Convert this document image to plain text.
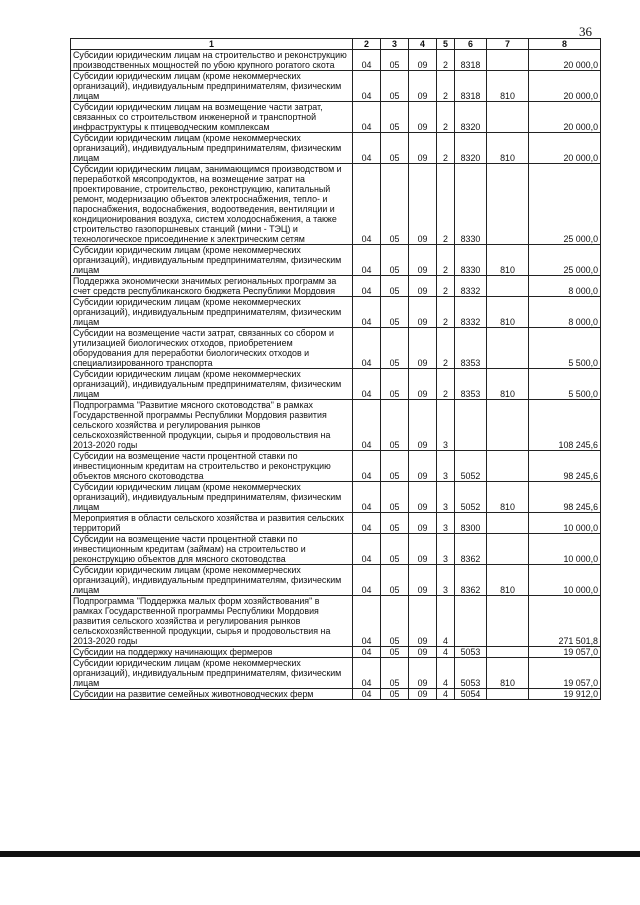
36
1	2	3	4	5	6	7	8
Субсидии юридическим лицам на строительство и реконструкцию производственных мощностей по убою крупного рогатого скота	04	05	09	2	8318		20 000,0
Субсидии юридическим лицам (кроме некоммерческих организаций), индивидуальным предпринимателям, физическим лицам	04	05	09	2	8318	810	20 000,0
Субсидии юридическим лицам на возмещение части затрат, связанных со строительством инженерной и транспортной инфраструктуры к птицеводческим комплексам	04	05	09	2	8320		20 000,0
Субсидии юридическим лицам (кроме некоммерческих организаций), индивидуальным предпринимателям, физическим лицам	04	05	09	2	8320	810	20 000,0
Субсидии юридическим лицам, занимающимся производством и переработкой мясопродуктов, на возмещение затрат на проектирование, строительство, реконструкцию, капитальный ремонт, модернизацию объектов электроснабжения, тепло- и пароснабжения, водоснабжения, водоотведения, вентиляции и кондиционирования воздуха, систем холодоснабжения, а также строительство газопоршневых станций (мини - ТЭЦ) и технологическое присоединение к электрическим сетям	04	05	09	2	8330		25 000,0
Субсидии юридическим лицам (кроме некоммерческих организаций), индивидуальным предпринимателям, физическим лицам	04	05	09	2	8330	810	25 000,0
Поддержка экономически значимых региональных программ за счет средств республиканского бюджета Республики Мордовия	04	05	09	2	8332		8 000,0
Субсидии юридическим лицам (кроме некоммерческих организаций), индивидуальным предпринимателям, физическим лицам	04	05	09	2	8332	810	8 000,0
Субсидии на возмещение части затрат, связанных со сбором и утилизацией биологических отходов, приобретением оборудования для переработки биологических отходов и специализированного транспорта	04	05	09	2	8353		5 500,0
Субсидии юридическим лицам (кроме некоммерческих организаций), индивидуальным предпринимателям, физическим лицам	04	05	09	2	8353	810	5 500,0
Подпрограмма "Развитие мясного скотоводства" в рамках Государственной программы Республики Мордовия развития сельского хозяйства и регулирования рынков сельскохозяйственной продукции, сырья и продовольствия на 2013-2020 годы	04	05	09	3			108 245,6
Субсидии на возмещение части процентной ставки по инвестиционным кредитам на строительство и реконструкцию объектов мясного скотоводства	04	05	09	3	5052		98 245,6
Субсидии юридическим лицам (кроме некоммерческих организаций), индивидуальным предпринимателям, физическим лицам	04	05	09	3	5052	810	98 245,6
Мероприятия в области сельского хозяйства и развития сельских территорий	04	05	09	3	8300		10 000,0
Субсидии на возмещение части процентной ставки по инвестиционным кредитам (займам) на строительство и реконструкцию объектов для мясного скотоводства	04	05	09	3	8362		10 000,0
Субсидии юридическим лицам (кроме некоммерческих организаций), индивидуальным предпринимателям, физическим лицам	04	05	09	3	8362	810	10 000,0
Подпрограмма "Поддержка малых форм хозяйствования" в рамках Государственной программы Республики Мордовия развития сельского хозяйства и регулирования рынков сельскохозяйственной продукции, сырья и продовольствия на 2013-2020 годы	04	05	09	4			271 501,8
Субсидии на поддержку начинающих фермеров	04	05	09	4	5053		19 057,0
Субсидии юридическим лицам (кроме некоммерческих организаций), индивидуальным предпринимателям, физическим лицам	04	05	09	4	5053	810	19 057,0
Субсидии на развитие семейных животноводческих ферм	04	05	09	4	5054		19 912,0
